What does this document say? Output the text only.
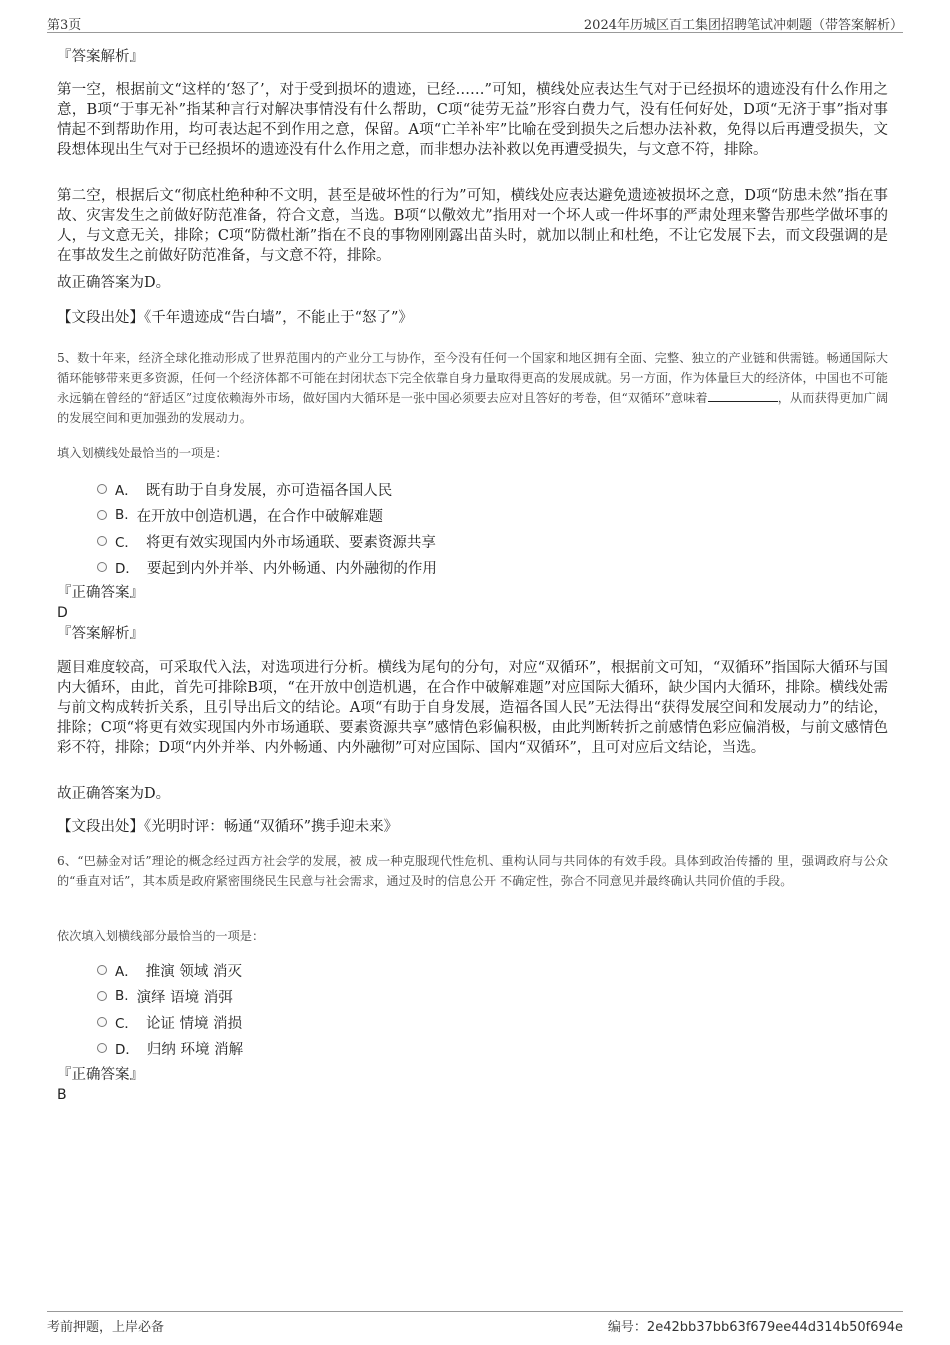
第3页	2024年历城区百工集团招聘笔试冲刺题（带答案解析）
『答案解析』
第一空，根据前文“这样的‘怒了’，对于受到损坏的遗迹，已经……”可知，横线处应表达生气对于已经损坏的遗迹没有什么作用之意，B项“于事无补”指某种言行对解决事情没有什么帮助，C项“徒劳无益”形容白费力气，没有任何好处，D项“无济于事”指对事情起不到帮助作用，均可表达起不到作用之意，保留。A项“亡羊补牢”比喻在受到损失之后想办法补救，免得以后再遭受损失，文段想体现出生气对于已经损坏的遗迹没有什么作用之意，而非想办法补救以免再遭受损失，与文意不符，排除。
第二空，根据后文“彻底杜绝种种不文明，甚至是破坏性的行为”可知，横线处应表达避免遗迹被损坏之意，D项“防患未然”指在事故、灾害发生之前做好防范准备，符合文意，当选。B项“以儆效尤”指用对一个坏人或一件坏事的严肃处理来警告那些学做坏事的人，与文意无关，排除；C项“防微杜渐”指在不良的事物刚刚露出苗头时，就加以制止和杜绝，不让它发展下去，而文段强调的是在事故发生之前做好防范准备，与文意不符，排除。
故正确答案为D。
【文段出处】《千年遗迹成“告白墙”，不能止于“怒了”》
5、数十年来，经济全球化推动形成了世界范围内的产业分工与协作，至今没有任何一个国家和地区拥有全面、完整、独立的产业链和供需链。畅通国际大循环能够带来更多资源，任何一个经济体都不可能在封闭状态下完全依靠自身力量取得更高的发展成就。另一方面，作为体量巨大的经济体，中国也不可能永远躺在曾经的“舒适区”过度依赖海外市场，做好国内大循环是一张中国必须要去应对且答好的考卷，但“双循环”意味着	，从而获得更加广阔的发展空间和更加强劲的发展动力。
填入划横线处最恰当的一项是：
A． 既有助于自身发展，亦可造福各国人民
B. 在开放中创造机遇，在合作中破解难题
C． 将更有效实现国内外市场通联、要素资源共享
D． 要起到内外并举、内外畅通、内外融彻的作用
『正确答案』
D
『答案解析』
题目难度较高，可采取代入法，对选项进行分析。横线为尾句的分句，对应“双循环”，根据前文可知，“双循环”指国际大循环与国内大循环，由此，首先可排除B项，“在开放中创造机遇，在合作中破解难题”对应国际大循环，缺少国内大循环，排除。横线处需与前文构成转折关系，且引导出后文的结论。A项“有助于自身发展，造福各国人民”无法得出“获得发展空间和发展动力”的结论，排除；C项“将更有效实现国内外市场通联、要素资源共享”感情色彩偏积极，由此判断转折之前感情色彩应偏消极，与前文感情色彩不符，排除；D项“内外并举、内外畅通、内外融彻”可对应国际、国内“双循环”，且可对应后文结论，当选。
故正确答案为D。
【文段出处】《光明时评：畅通“双循环”携手迎未来》
6、“巴赫金对话”理论的概念经过西方社会学的发展，被 成一种克服现代性危机、重构认同与共同体的有效手段。具体到政治传播的 里，强调政府与公众的“垂直对话”，其本质是政府紧密围绕民生民意与社会需求，通过及时的信息公开 不确定性，弥合不同意见并最终确认共同价值的手段。
依次填入划横线部分最恰当的一项是：
A． 推演 领域 消灭
B. 演绎 语境 消弭
C． 论证 情境 消损
D． 归纳 环境 消解
『正确答案』
B
考前押题，上岸必备	编号：2e42bb37bb63f679ee44d314b50f694e
